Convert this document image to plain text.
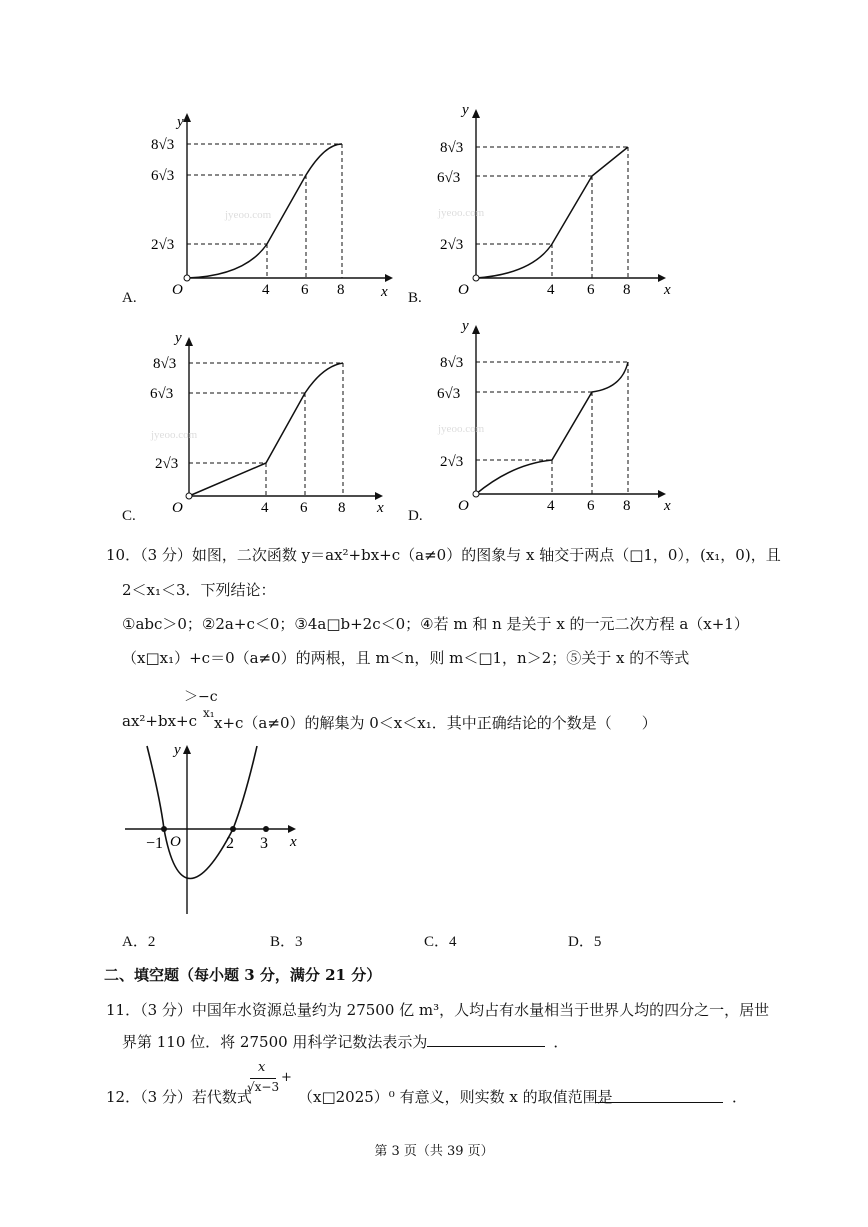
y
8√3
6√3
2√3
O	4 6 8 x
jyeoo.com
A.
y
8√3
6√3
2√3
O	4 6 8 x
jyeoo.com
B.
y
8√3
6√3
2√3
O	4 6 8 x
jyeoo.com
C.
y
8√3
6√3
2√3
O	4 6 8 x
jyeoo.com
D.
10．（3 分）如图，二次函数 y＝ax²+bx+c（a≠0）的图象与 x 轴交于两点（□1，0），(x₁，0)，且
2＜x₁＜3．下列结论：
①abc＞0；②2a+c＜0；③4a□b+2c＜0；④若 m 和 n 是关于 x 的一元二次方程 a（x+1）
（x□x₁）+c＝0（a≠0）的两根，且 m＜n，则 m＜□1，n＞2；⑤关于 x 的不等式
＞−c
ax²+bx+c x₁
x+c（a≠0）的解集为 0＜x＜x₁．其中正确结论的个数是（　　）
y
−1 O	2 3 x
A．2	B．3	C．4	D．5
二、填空题（每小题 3 分，满分 21 分）
11．（3 分）中国年水资源总量约为 27500 亿 m³，人均占有水量相当于世界人均的四分之一，居世
界第 110 位．将 27500 用科学记数法表示为	．
12．（3 分）若代数式
x
√x−3
+
（x□2025）⁰ 有意义，则实数 x 的取值范围是	．
第 3 页（共 39 页）
